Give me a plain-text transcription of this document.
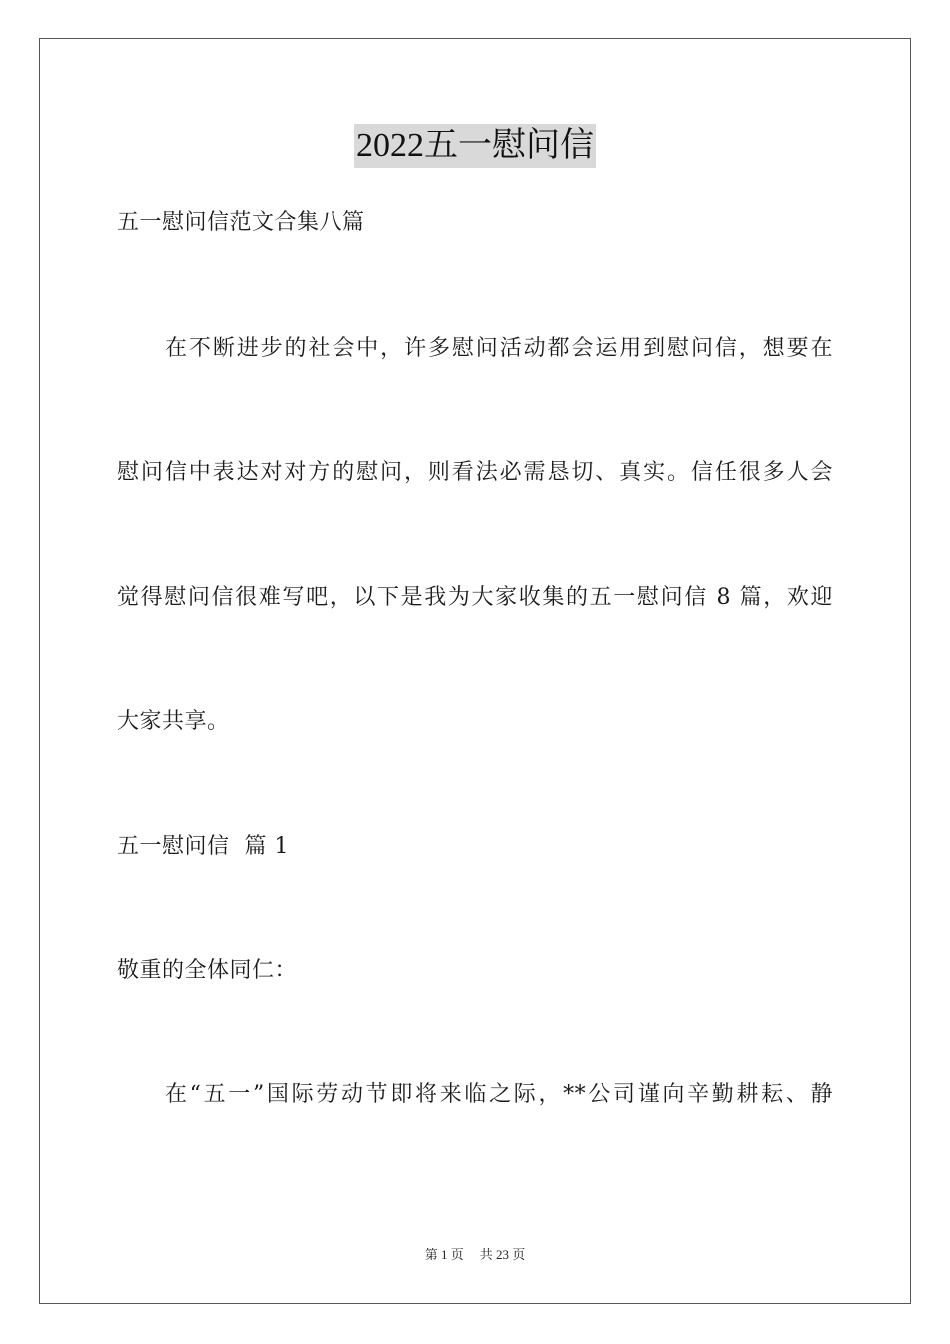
2022五一慰问信
五一慰问信范文合集八篇
在不断进步的社会中，许多慰问活动都会运用到慰问信，想要在
慰问信中表达对对方的慰问，则看法必需恳切、真实。信任很多人会
觉得慰问信很难写吧，以下是我为大家收集的五一慰问信 8 篇，欢迎
大家共享。
五一慰问信  篇 1
敬重的全体同仁：
在“五一”国际劳动节即将来临之际，**公司谨向辛勤耕耘、静
第 1 页 共 23 页
